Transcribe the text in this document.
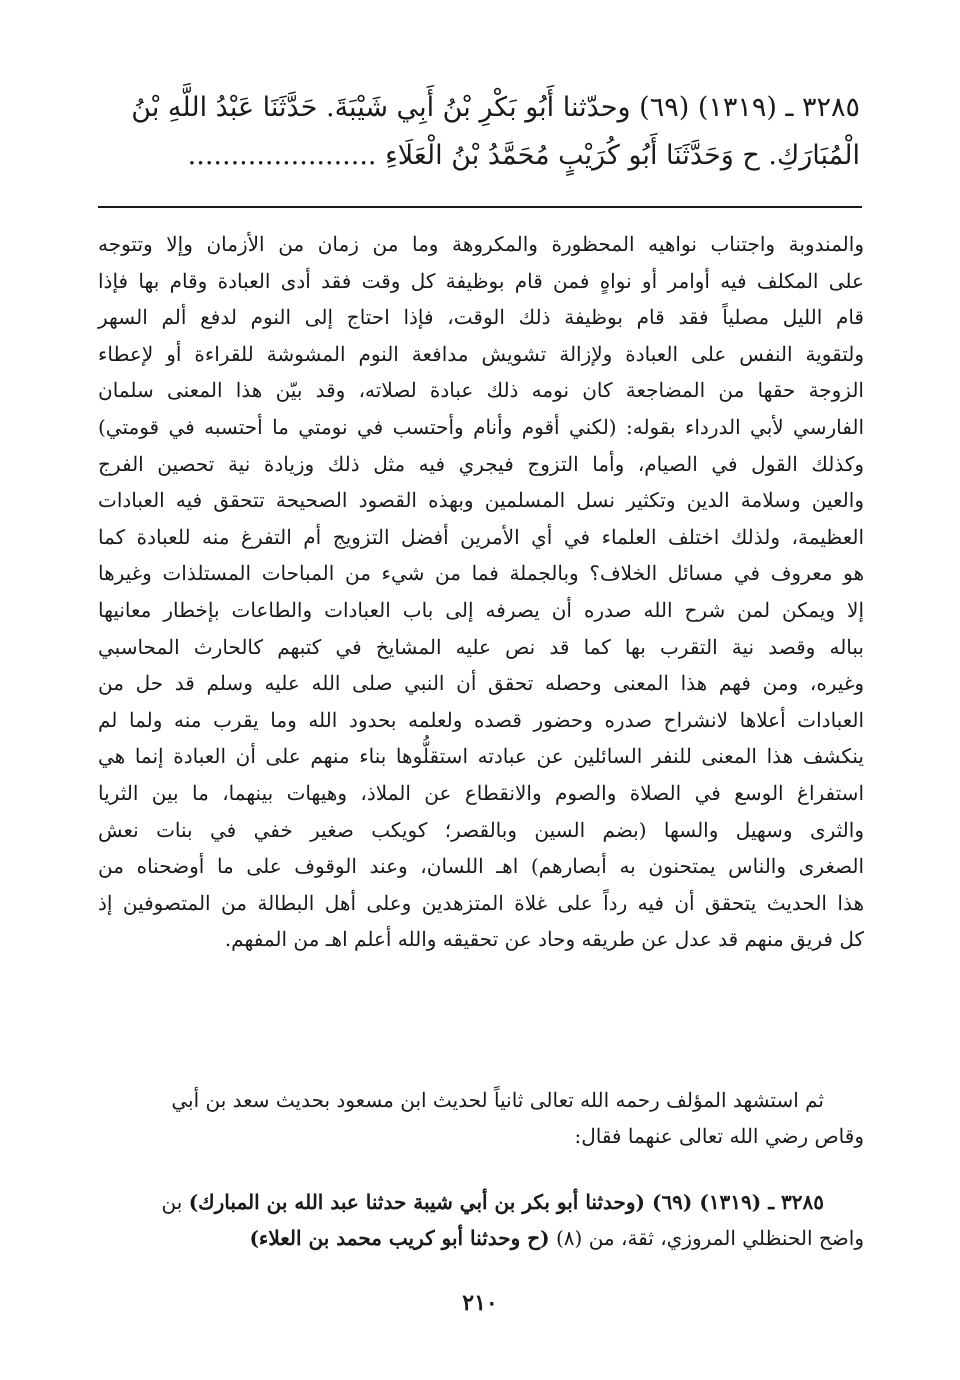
٣٢٨٥ ـ (١٣١٩) (٦٩) وحدّثنا أَبُو بَكْرِ بْنُ أَبِي شَيْبَةَ. حَدَّثَنَا عَبْدُ اللَّهِ بْنُ

الْمُبَارَكِ. ح وَحَدَّثَنَا أَبُو كُرَيْبٍ مُحَمَّدُ بْنُ الْعَلَاءِ ......................

والمندوبة واجتناب نواهيه المحظورة والمكروهة وما من زمان من الأزمان وإلا وتتوجه

على المكلف فيه أوامر أو نواهٍ فمن قام بوظيفة كل وقت فقد أدى العبادة وقام بها فإذا

قام الليل مصلياً فقد قام بوظيفة ذلك الوقت، فإذا احتاج إلى النوم لدفع ألم السهر

ولتقوية النفس على العبادة ولإزالة تشويش مدافعة النوم المشوشة للقراءة أو لإعطاء

الزوجة حقها من المضاجعة كان نومه ذلك عبادة لصلاته، وقد بيّن هذا المعنى سلمان

الفارسي لأبي الدرداء بقوله: (لكني أقوم وأنام وأحتسب في نومتي ما أحتسبه في قومتي)

وكذلك القول في الصيام، وأما التزوج فيجري فيه مثل ذلك وزيادة نية تحصين الفرج

والعين وسلامة الدين وتكثير نسل المسلمين وبهذه القصود الصحيحة تتحقق فيه العبادات

العظيمة، ولذلك اختلف العلماء في أي الأمرين أفضل التزويج أم التفرغ منه للعبادة كما

هو معروف في مسائل الخلاف؟ وبالجملة فما من شيء من المباحات المستلذات وغيرها

إلا ويمكن لمن شرح الله صدره أن يصرفه إلى باب العبادات والطاعات بإخطار معانيها

بباله وقصد نية التقرب بها كما قد نص عليه المشايخ في كتبهم كالحارث المحاسبي

وغيره، ومن فهم هذا المعنى وحصله تحقق أن النبي صلى الله عليه وسلم قد حل من

العبادات أعلاها لانشراح صدره وحضور قصده ولعلمه بحدود الله وما يقرب منه ولما لم

ينكشف هذا المعنى للنفر السائلين عن عبادته استقلُّوها بناء منهم على أن العبادة إنما هي

استفراغ الوسع في الصلاة والصوم والانقطاع عن الملاذ، وهيهات بينهما، ما بين الثريا

والثرى وسهيل والسها (بضم السين وبالقصر؛ كويكب صغير خفي في بنات نعش

الصغرى والناس يمتحنون به أبصارهم) اهـ اللسان، وعند الوقوف على ما أوضحناه من

هذا الحديث يتحقق أن فيه رداً على غلاة المتزهدين وعلى أهل البطالة من المتصوفين إذ

كل فريق منهم قد عدل عن طريقه وحاد عن تحقيقه والله أعلم اهـ من المفهم.

ثم استشهد المؤلف رحمه الله تعالى ثانياً لحديث ابن مسعود بحديث سعد بن أبي

وقاص رضي الله تعالى عنهما فقال:

٣٢٨٥ ـ (١٣١٩) (٦٩) (وحدثنا أبو بكر بن أبي شيبة حدثنا عبد الله بن المبارك) بن

واضح الحنظلي المروزي، ثقة، من (٨) (ح وحدثنا أبو كريب محمد بن العلاء)

٢١٠
